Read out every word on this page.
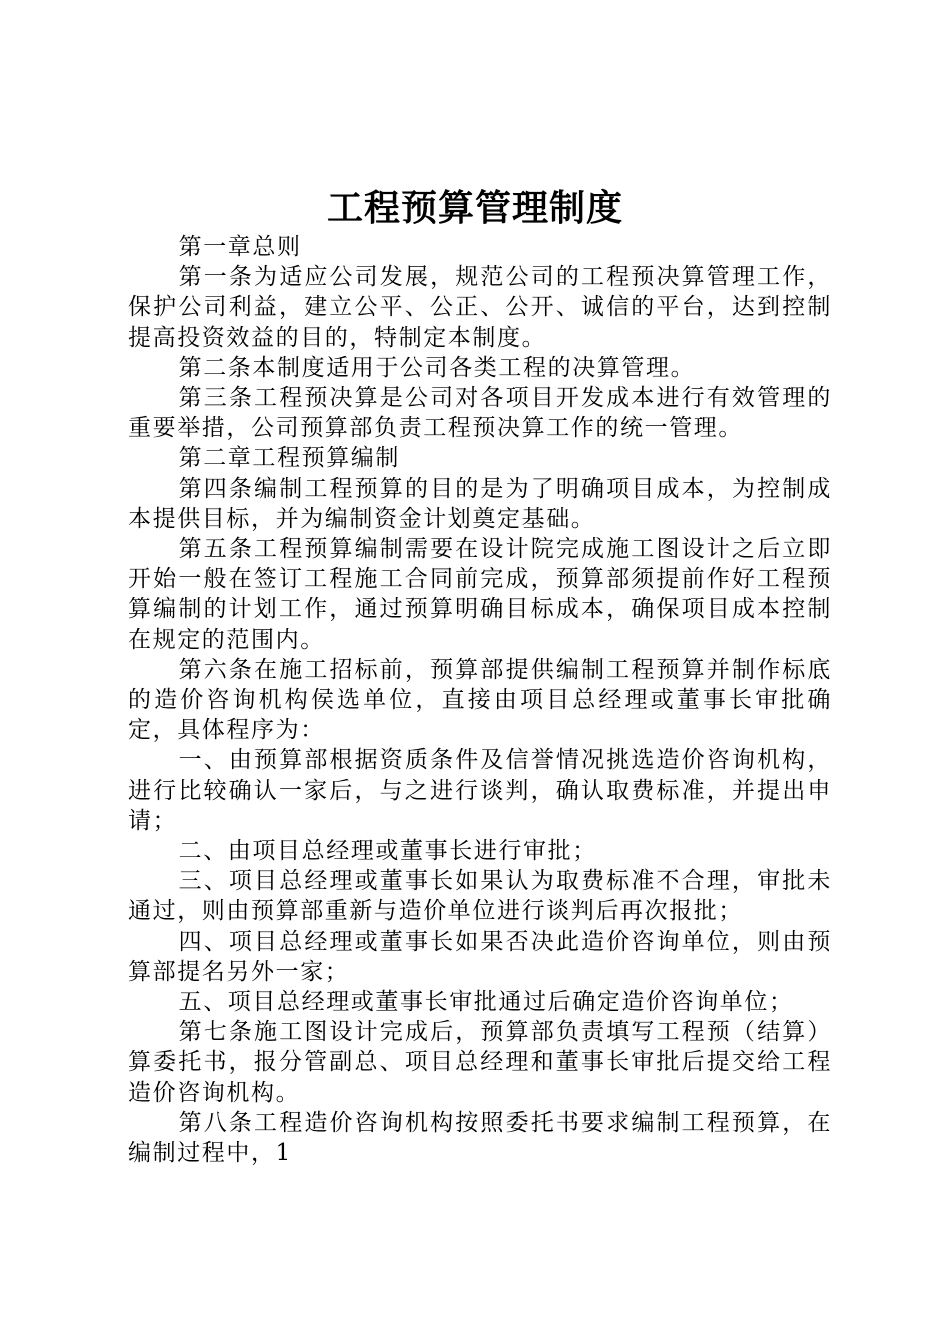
工程预算管理制度

第一章总则

第一条为适应公司发展，规范公司的工程预决算管理工作，保护公司利益，建立公平、公正、公开、诚信的平台，达到控制提高投资效益的目的，特制定本制度。

第二条本制度适用于公司各类工程的决算管理。

第三条工程预决算是公司对各项目开发成本进行有效管理的重要举措，公司预算部负责工程预决算工作的统一管理。

第二章工程预算编制

第四条编制工程预算的目的是为了明确项目成本，为控制成本提供目标，并为编制资金计划奠定基础。

第五条工程预算编制需要在设计院完成施工图设计之后立即开始一般在签订工程施工合同前完成，预算部须提前作好工程预算编制的计划工作，通过预算明确目标成本，确保项目成本控制在规定的范围内。

第六条在施工招标前，预算部提供编制工程预算并制作标底的造价咨询机构侯选单位，直接由项目总经理或董事长审批确定，具体程序为：

一、由预算部根据资质条件及信誉情况挑选造价咨询机构，进行比较确认一家后，与之进行谈判，确认取费标准，并提出申请；

二、由项目总经理或董事长进行审批；

三、项目总经理或董事长如果认为取费标准不合理，审批未通过，则由预算部重新与造价单位进行谈判后再次报批；

四、项目总经理或董事长如果否决此造价咨询单位，则由预算部提名另外一家；

五、项目总经理或董事长审批通过后确定造价咨询单位；

第七条施工图设计完成后，预算部负责填写工程预（结算）算委托书，报分管副总、项目总经理和董事长审批后提交给工程造价咨询机构。

第八条工程造价咨询机构按照委托书要求编制工程预算，在编制过程中，1
